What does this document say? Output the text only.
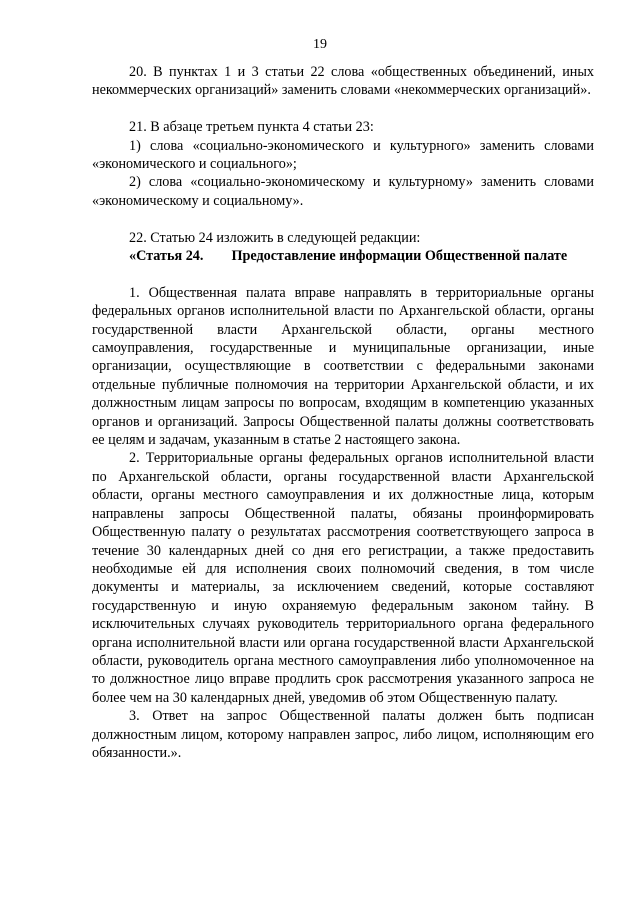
19

20. В пунктах 1 и 3 статьи 22 слова «общественных объединений, иных некоммерческих организаций» заменить словами «некоммерческих организаций».

21. В абзаце третьем пункта 4 статьи 23:

1) слова «социально-экономического и культурного» заменить словами «экономического и социального»;

2) слова «социально-экономическому и культурному» заменить словами «экономическому и социальному».

22. Статью 24 изложить в следующей редакции:

«Статья 24. Предоставление информации Общественной палате

1. Общественная палата вправе направлять в территориальные органы федеральных органов исполнительной власти по Архангельской области, органы государственной власти Архангельской области, органы местного самоуправления, государственные и муниципальные организации, иные организации, осуществляющие в соответствии с федеральными законами отдельные публичные полномочия на территории Архангельской области, и их должностным лицам запросы по вопросам, входящим в компетенцию указанных органов и организаций. Запросы Общественной палаты должны соответствовать ее целям и задачам, указанным в статье 2 настоящего закона.

2. Территориальные органы федеральных органов исполнительной власти по Архангельской области, органы государственной власти Архангельской области, органы местного самоуправления и их должностные лица, которым направлены запросы Общественной палаты, обязаны проинформировать Общественную палату о результатах рассмотрения соответствующего запроса в течение 30 календарных дней со дня его регистрации, а также предоставить необходимые ей для исполнения своих полномочий сведения, в том числе документы и материалы, за исключением сведений, которые составляют государственную и иную охраняемую федеральным законом тайну. В исключительных случаях руководитель территориального органа федерального органа исполнительной власти или органа государственной власти Архангельской области, руководитель органа местного самоуправления либо уполномоченное на то должностное лицо вправе продлить срок рассмотрения указанного запроса не более чем на 30 календарных дней, уведомив об этом Общественную палату.

3. Ответ на запрос Общественной палаты должен быть подписан должностным лицом, которому направлен запрос, либо лицом, исполняющим его обязанности.».
